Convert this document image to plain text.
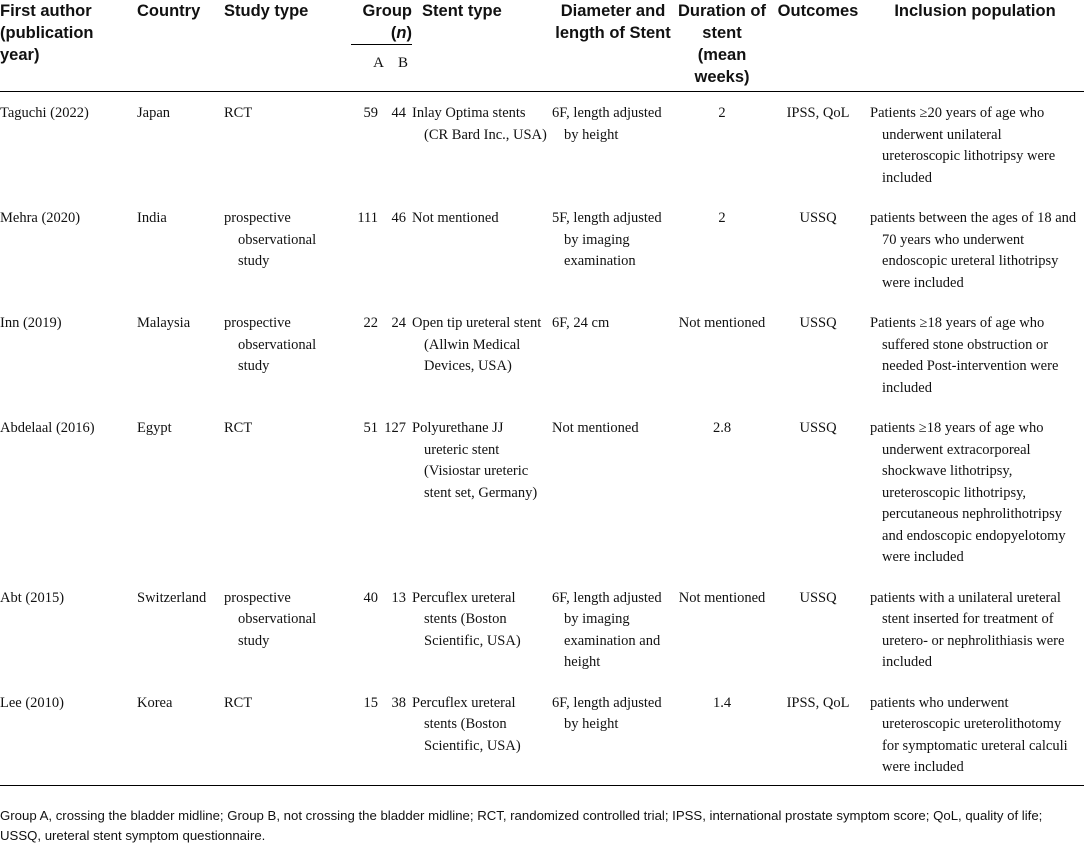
First author (publication year)	Country	Study type	Group (n)		Stent type	Diameter and length of Stent	Duration of stent (mean weeks)	Outcomes	Inclusion population
			A	B					
Taguchi (2022)	Japan	RCT	59	44	Inlay Optima stents (CR Bard Inc., USA)	6F, length adjusted by height	2	IPSS, QoL	Patients ≥20 years of age who underwent unilateral ureteroscopic lithotripsy were included

Mehra (2020)	India	prospective observational study	111	46	Not mentioned	5F, length adjusted by imaging examination	2	USSQ	patients between the ages of 18 and 70 years who underwent endoscopic ureteral lithotripsy were included

Inn (2019)	Malaysia	prospective observational study	22	24	Open tip ureteral stent (Allwin Medical Devices, USA)	6F, 24 cm	Not mentioned	USSQ	Patients ≥18 years of age who suffered stone obstruction or needed Post-intervention were included

Abdelaal (2016)	Egypt	RCT	51	127	Polyurethane JJ ureteric stent (Visiostar ureteric stent set, Germany)	Not mentioned	2.8	USSQ	patients ≥18 years of age who underwent extracorporeal shockwave lithotripsy, ureteroscopic lithotripsy, percutaneous nephrolithotripsy and endoscopic endopyelotomy were included

Abt (2015)	Switzerland	prospective observational study	40	13	Percuflex ureteral stents (Boston Scientific, USA)	6F, length adjusted by imaging examination and height	Not mentioned	USSQ	patients with a unilateral ureteral stent inserted for treatment of uretero- or nephrolithiasis were included

Lee (2010)	Korea	RCT	15	38	Percuflex ureteral stents (Boston Scientific, USA)	6F, length adjusted by height	1.4	IPSS, QoL	patients who underwent ureteroscopic ureterolithotomy for symptomatic ureteral calculi were included
Group A, crossing the bladder midline; Group B, not crossing the bladder midline; RCT, randomized controlled trial; IPSS, international prostate symptom score; QoL, quality of life; USSQ, ureteral stent symptom questionnaire.
